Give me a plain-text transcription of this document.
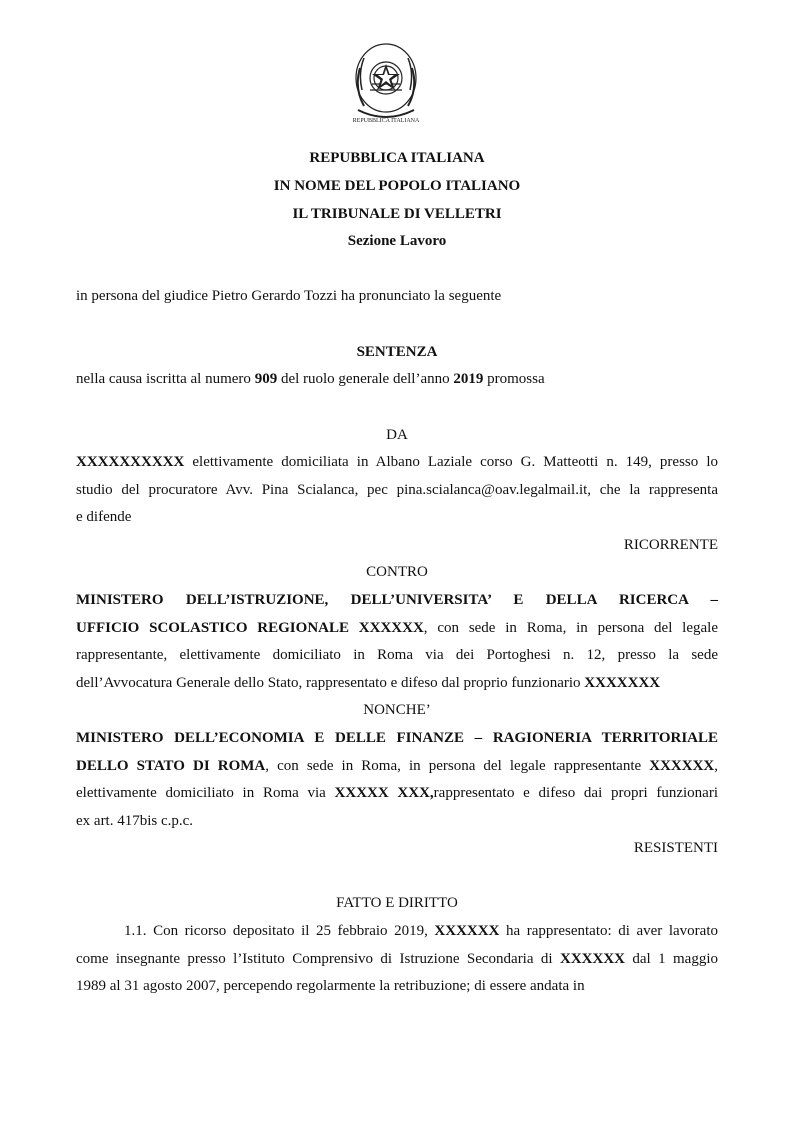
REPUBBLICA ITALIANA
REPUBBLICA ITALIANA
IN NOME DEL POPOLO ITALIANO
IL TRIBUNALE DI VELLETRI
Sezione Lavoro
in persona del giudice Pietro Gerardo Tozzi ha pronunciato la seguente
SENTENZA
nella causa iscritta al numero 909 del ruolo generale dell’anno 2019 promossa
DA
XXXXXXXXXX elettivamente domiciliata in Albano Laziale corso G. Matteotti n. 149, presso lo
studio del procuratore Avv. Pina Scialanca, pec pina.scialanca@oav.legalmail.it, che la rappresenta
e difende
RICORRENTE
CONTRO
MINISTERO DELL’ISTRUZIONE, DELL’UNIVERSITA’ E DELLA RICERCA –
UFFICIO SCOLASTICO REGIONALE XXXXXX, con sede in Roma, in persona del legale
rappresentante, elettivamente domiciliato in Roma via dei Portoghesi n. 12, presso la sede
dell’Avvocatura Generale dello Stato, rappresentato e difeso dal proprio funzionario XXXXXXX
NONCHE’
MINISTERO DELL’ECONOMIA E DELLE FINANZE – RAGIONERIA TERRITORIALE
DELLO STATO DI ROMA, con sede in Roma, in persona del legale rappresentante XXXXXX,
elettivamente domiciliato in Roma via XXXXX XXX,rappresentato e difeso dai propri funzionari
ex art. 417bis c.p.c.
RESISTENTI
FATTO E DIRITTO
1.1. Con ricorso depositato il 25 febbraio 2019, XXXXXX ha rappresentato: di aver lavorato
come insegnante presso l’Istituto Comprensivo di Istruzione Secondaria di XXXXXX dal 1 maggio
1989 al 31 agosto 2007, percependo regolarmente la retribuzione; di essere andata in
